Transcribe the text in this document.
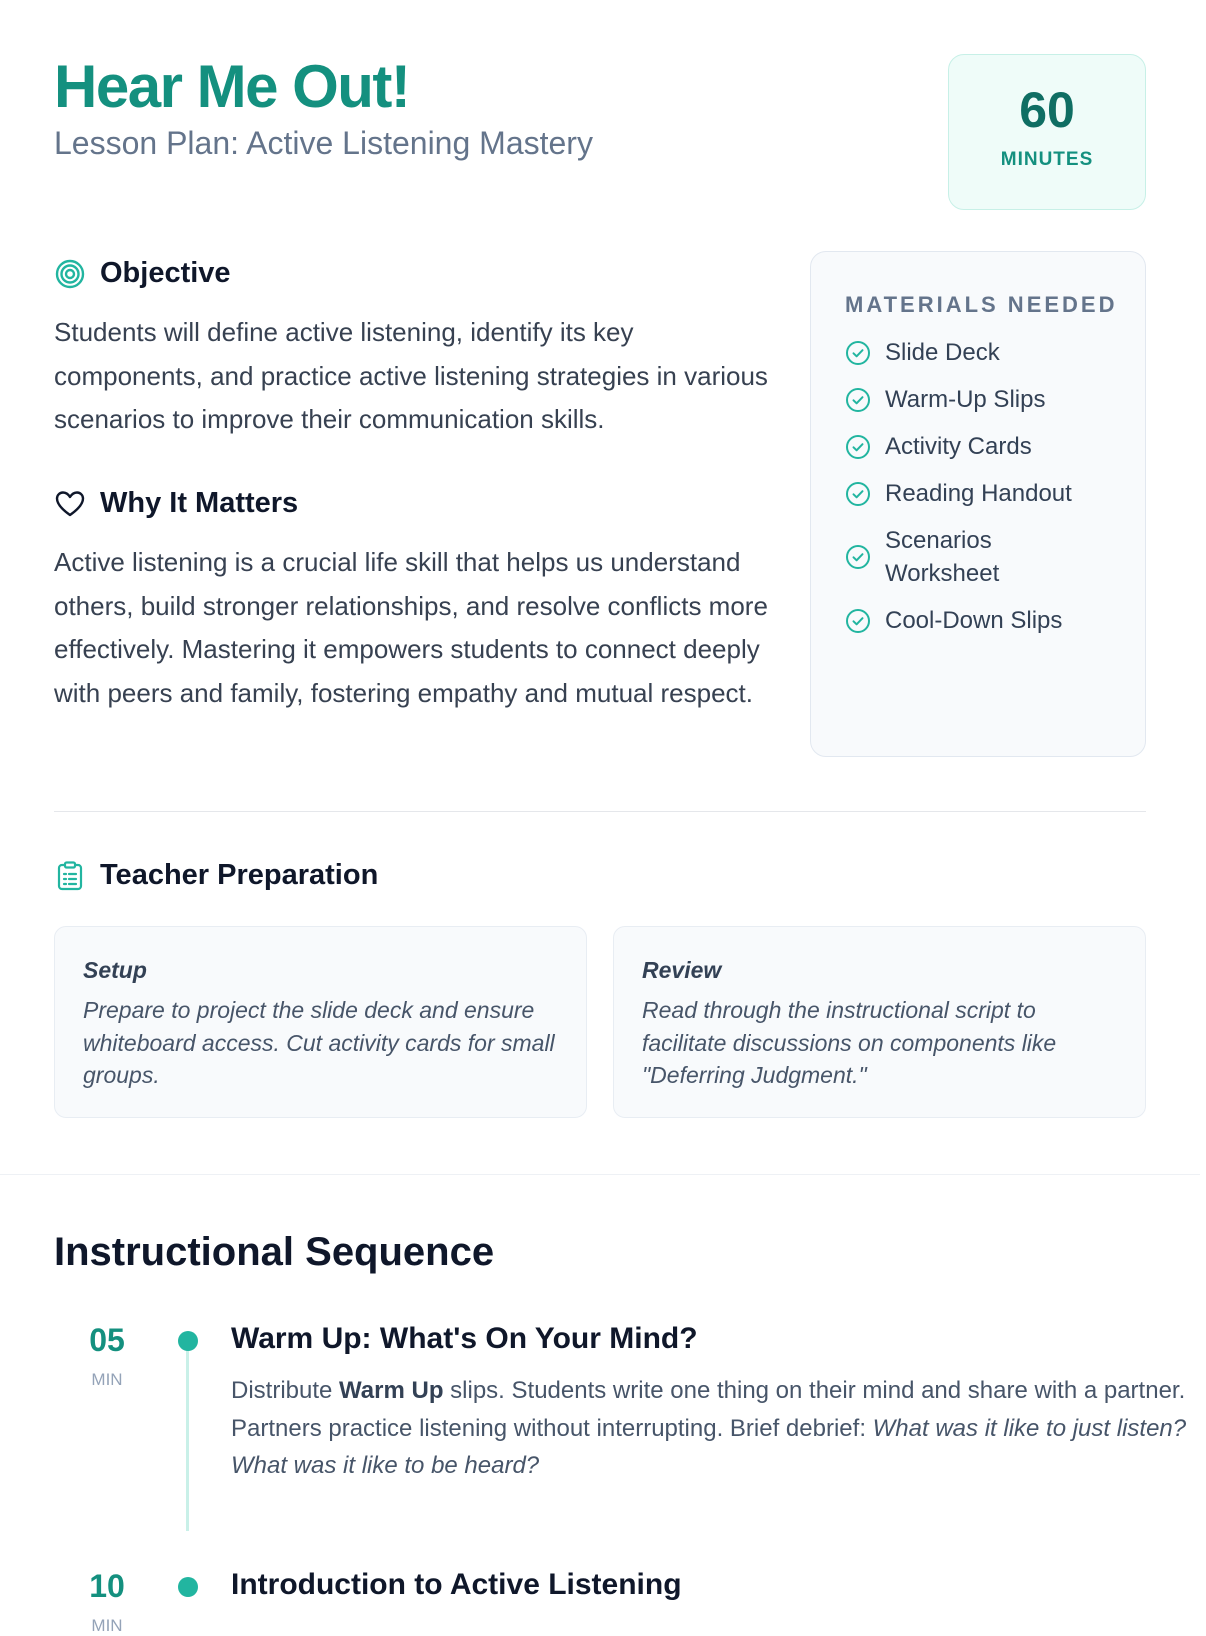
Hear Me Out!
Lesson Plan: Active Listening Mastery
60
MINUTES
Objective

Students will define active listening, identify its key components, and practice active listening strategies in various scenarios to improve their communication skills.

Why It Matters

Active listening is a crucial life skill that helps us understand others, build stronger relationships, and resolve conflicts more effectively. Mastering it empowers students to connect deeply with peers and family, fostering empathy and mutual respect.

MATERIALS NEEDED
Slide Deck
Warm-Up Slips
Activity Cards
Reading Handout
Scenarios Worksheet
Cool-Down Slips
Teacher Preparation
Setup
Prepare to project the slide deck and ensure whiteboard access. Cut activity cards for small groups.
Review
Read through the instructional script to facilitate discussions on components like "Deferring Judgment."
Instructional Sequence
05
MIN
Warm Up: What's On Your Mind?

Distribute Warm Up slips. Students write one thing on their mind and share with a partner. Partners practice listening without interrupting. Brief debrief: What was it like to just listen? What was it like to be heard?

10
MIN
Introduction to Active Listening
